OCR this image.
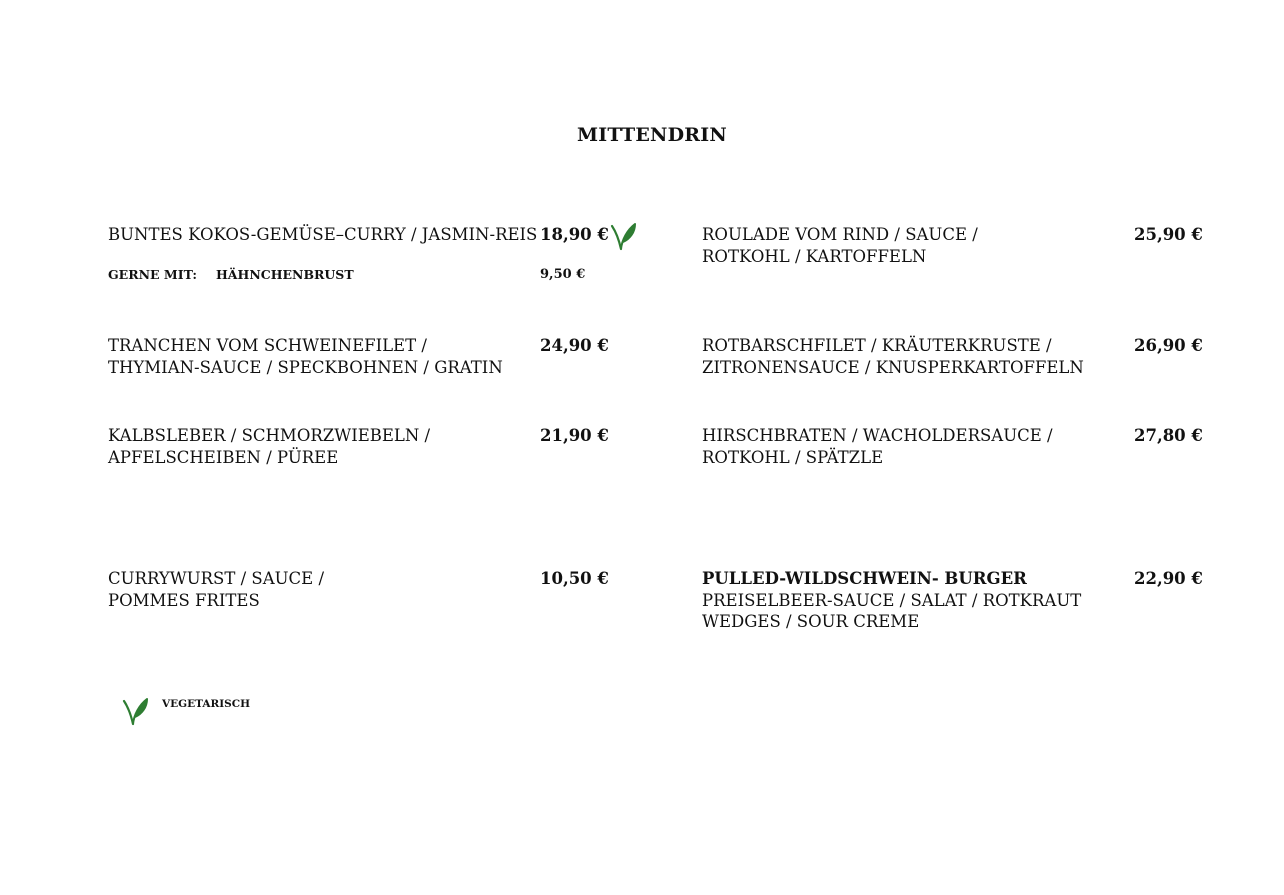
MITTENDRIN
BUNTES KOKOS-GEMÜSE–CURRY / JASMIN-REIS 18,90 €
GERNE MIT: HÄHNCHENBRUST	9,50 €
TRANCHEN VOM SCHWEINEFILET /
THYMIAN-SAUCE / SPECKBOHNEN / GRATIN
24,90 €
KALBSLEBER / SCHMORZWIEBELN /
APFELSCHEIBEN / PÜREE
21,90 €
CURRYWURST / SAUCE /
POMMES FRITES
10,50 €
ROULADE VOM RIND / SAUCE /
ROTKOHL / KARTOFFELN
25,90 €
ROTBARSCHFILET / KRÄUTERKRUSTE /
ZITRONENSAUCE / KNUSPERKARTOFFELN
26,90 €
HIRSCHBRATEN / WACHOLDERSAUCE /
ROTKOHL / SPÄTZLE
27,80 €
PULLED-WILDSCHWEIN- BURGER
PREISELBEER-SAUCE / SALAT / ROTKRAUT
WEDGES / SOUR CREME
22,90 €
VEGETARISCH
